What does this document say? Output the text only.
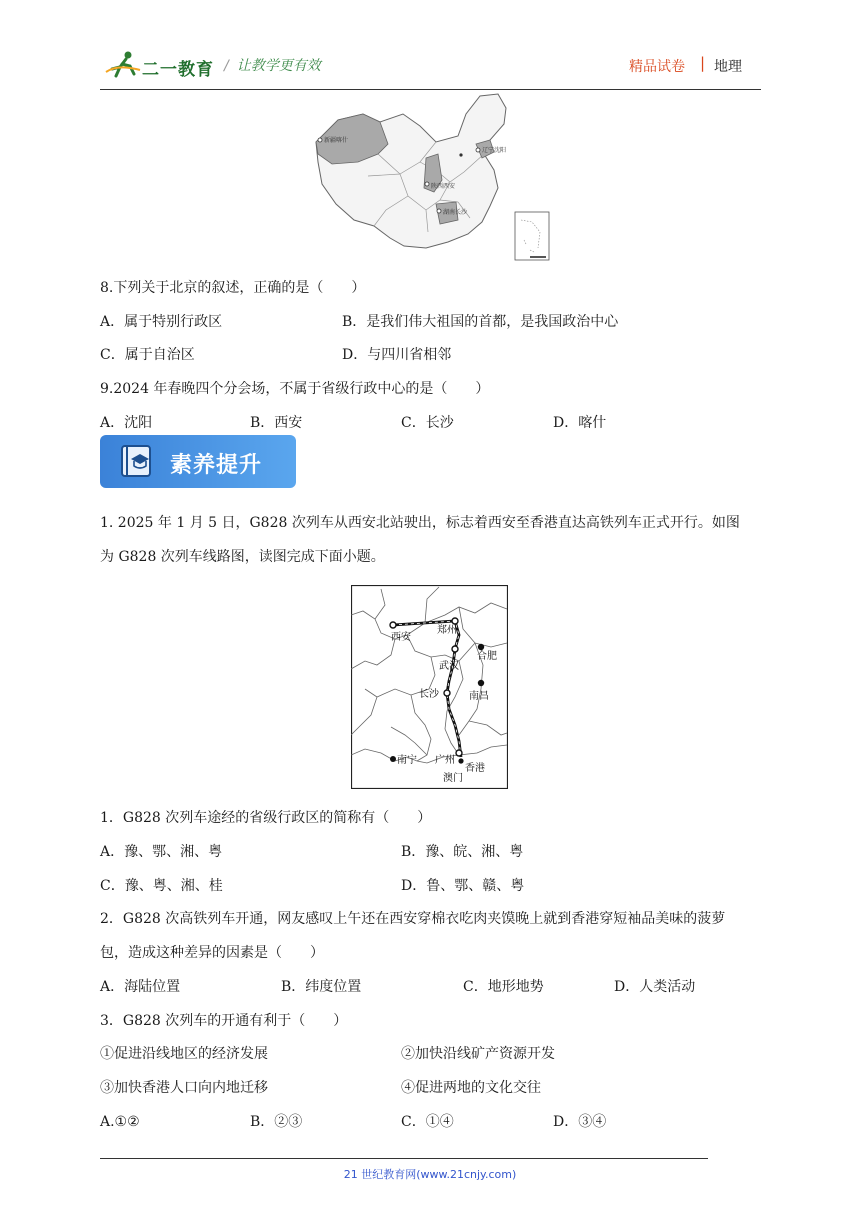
二一教育 / 让教学更有效	精品试卷 | 地理
新疆喀什
辽宁沈阳
陕西西安
湖南长沙
8.下列关于北京的叙述，正确的是（　　）
A．属于特别行政区	B．是我们伟大祖国的首都，是我国政治中心
C．属于自治区	D．与四川省相邻
9.2024 年春晚四个分会场，不属于省级行政中心的是（　　）
A．沈阳	B．西安	C．长沙	D．喀什
素养提升
1. 2025 年 1 月 5 日，G828 次列车从西安北站驶出，标志着西安至香港直达高铁列车正式开行。如图
为 G828 次列车线路图，读图完成下面小题。
西安
郑州
合肥
武汉
长沙	南昌
南宁 广州
香港
澳门
1．G828 次列车途经的省级行政区的简称有（　　）
A．豫、鄂、湘、粤	B．豫、皖、湘、粤
C．豫、粤、湘、桂	D．鲁、鄂、赣、粤
2．G828 次高铁列车开通，网友感叹上午还在西安穿棉衣吃肉夹馍晚上就到香港穿短袖品美味的菠萝
包，造成这种差异的因素是（　　）
A．海陆位置	B．纬度位置	C．地形地势	D．人类活动
3．G828 次列车的开通有利于（　　）
①促进沿线地区的经济发展	②加快沿线矿产资源开发
③加快香港人口向内地迁移	④促进两地的文化交往
A.①②	B．②③	C．①④	D．③④
21 世纪教育网(www.21cnjy.com)
